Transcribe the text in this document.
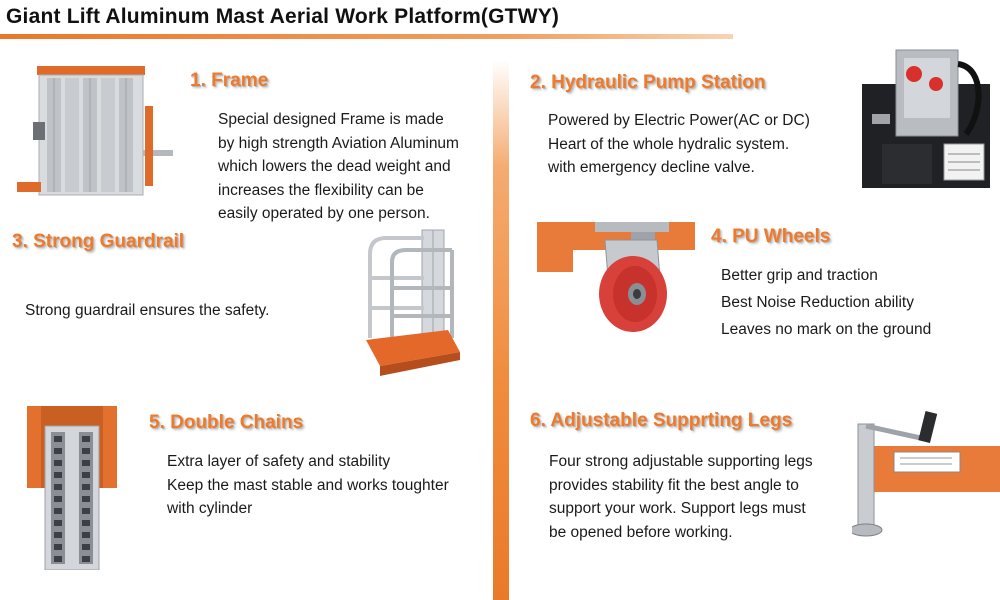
Giant Lift Aluminum Mast Aerial Work Platform(GTWY)
1. Frame
Special designed Frame is made
by high strength Aviation Aluminum
which lowers the dead weight and
increases the flexibility can be
easily operated by one person.
2. Hydraulic Pump Station
Powered by Electric Power(AC or DC)
Heart of the whole hydralic system.
with emergency decline valve.
3. Strong Guardrail
Strong guardrail ensures the safety.
4. PU Wheels
Better grip and traction
Best Noise Reduction ability
Leaves no mark on the ground
5. Double Chains
Extra layer of safety and stability
Keep the mast stable and works toughter
with cylinder
6. Adjustable Supprting Legs
Four strong adjustable supporting legs
provides stability fit the best angle to
support your work. Support legs must
be opened before working.
